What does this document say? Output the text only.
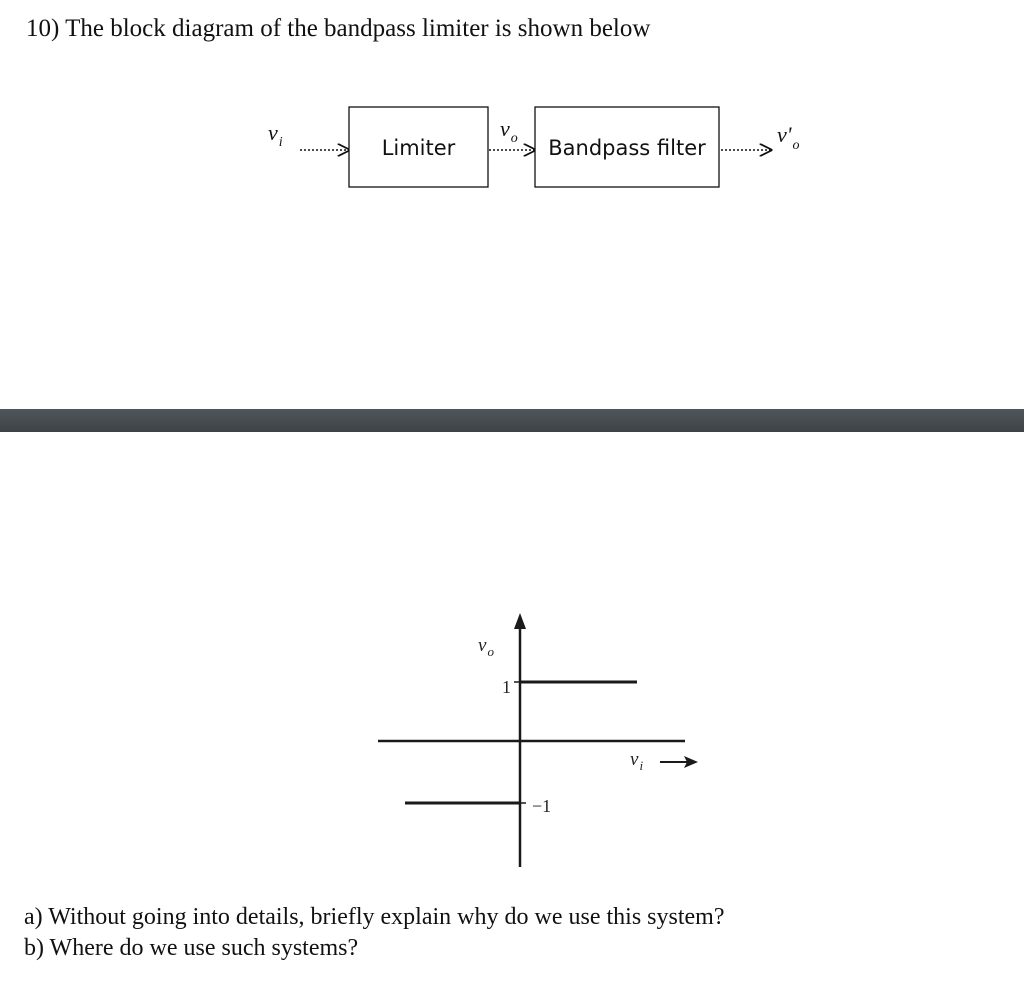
10) The block diagram of the bandpass limiter is shown below
vi	Limiter
vo Bandpass filter
v'o
$v_o$
1
−1
$v_i$
a) Without going into details, briefly explain why do we use this system?
b) Where do we use such systems?
